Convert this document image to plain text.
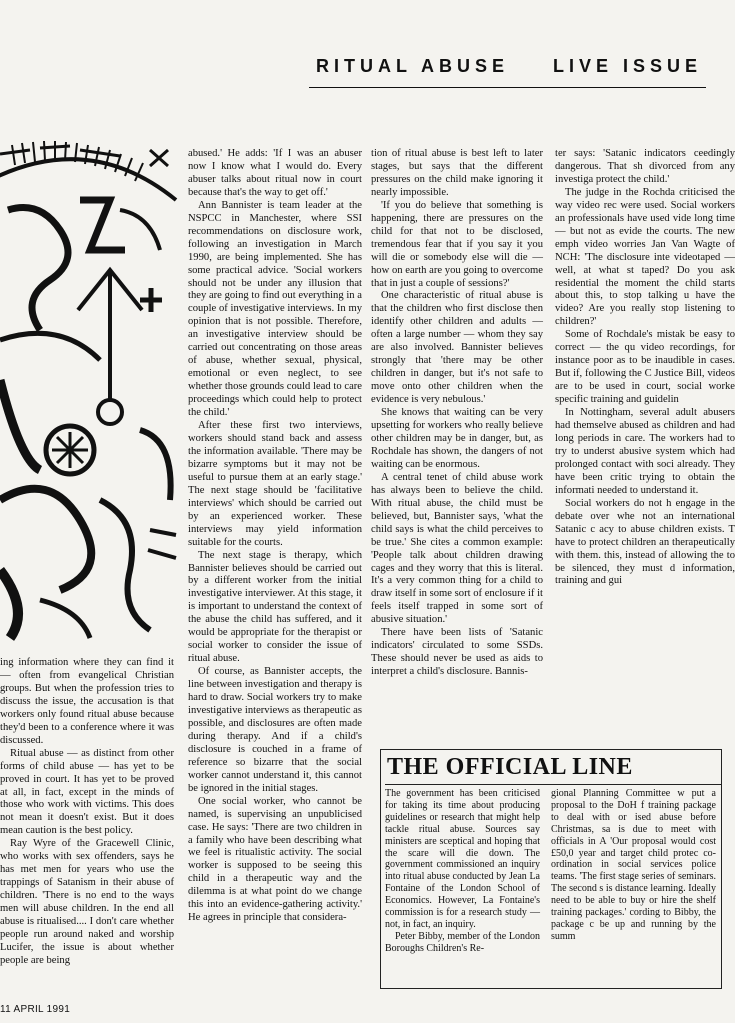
RITUAL ABUSE LIVE ISSUE

ing information where they can find it — often from evangelical Christian groups. But when the profession tries to discuss the issue, the accusation is that workers only found ritual abuse because they'd been to a conference where it was discussed.

Ritual abuse — as distinct from other forms of child abuse — has yet to be proved in court. It has yet to be proved at all, in fact, except in the minds of those who work with victims. This does not mean it doesn't exist. But it does mean caution is the best policy.

Ray Wyre of the Gracewell Clinic, who works with sex offenders, says he has met men for years who use the trappings of Satanism in their abuse of children. 'There is no end to the ways men will abuse children. In the end all abuse is ritualised.... I don't care whether people run around naked and worship Lucifer, the issue is about whether people are being

abused.' He adds: 'If I was an abuser now I know what I would do. Every abuser talks about ritual now in court because that's the way to get off.'

Ann Bannister is team leader at the NSPCC in Manchester, where SSI recommendations on disclosure work, following an investigation in March 1990, are being implemented. She has some practical advice. 'Social workers should not be under any illusion that they are going to find out everything in a couple of investigative interviews. In my opinion that is not possible. Therefore, an investigative interview should be carried out concentrating on those areas of abuse, whether sexual, physical, emotional or even neglect, to see whether those grounds could lead to care proceedings which could help to protect the child.'

After these first two interviews, workers should stand back and assess the information available. 'There may be bizarre symptoms but it may not be useful to pursue them at an early stage.' The next stage should be 'facilitative interviews' which should be carried out by an experienced worker. These interviews may yield information suitable for the courts.

The next stage is therapy, which Bannister believes should be carried out by a different worker from the initial investigative interviewer. At this stage, it is important to understand the context of the abuse the child has suffered, and it would be appropriate for the therapist or social worker to consider the issue of ritual abuse.

Of course, as Bannister accepts, the line between investigation and therapy is hard to draw. Social workers try to make investigative interviews as therapeutic as possible, and disclosures are often made during therapy. And if a child's disclosure is couched in a frame of reference so bizarre that the social worker cannot understand it, this cannot be ignored in the initial stages.

One social worker, who cannot be named, is supervising an unpublicised case. He says: 'There are two children in a family who have been describing what we feel is ritualistic activity. The social worker is supposed to be seeing this child in a therapeutic way and the dilemma is at what point do we change this into an evidence-gathering activity.' He agrees in principle that considera-

tion of ritual abuse is best left to later stages, but says that the different pressures on the child make ignoring it nearly impossible.

'If you do believe that something is happening, there are pressures on the child for that not to be disclosed, tremendous fear that if you say it you will die or somebody else will die —how on earth are you going to overcome that in just a couple of sessions?'

One characteristic of ritual abuse is that the children who first disclose then identify other children and adults — often a large number — whom they say are also involved. Bannister believes strongly that 'there may be other children in danger, but it's not safe to move onto other children when the evidence is very nebulous.'

She knows that waiting can be very upsetting for workers who really believe other children may be in danger, but, as Rochdale has shown, the dangers of not waiting can be enormous.

A central tenet of child abuse work has always been to believe the child. With ritual abuse, the child must be believed, but, Bannister says, 'what the child says is what the child perceives to be true.' She cites a common example: 'People talk about children drawing cages and they worry that this is literal. It's a very common thing for a child to draw itself in some sort of enclosure if it feels itself trapped in some sort of abusive situation.'

There have been lists of 'Satanic indicators' circulated to some SSDs. These should never be used as aids to interpret a child's disclosure. Bannis-

ter says: 'Satanic indicators ceedingly dangerous. That sh divorced from any investiga protect the child.'

The judge in the Rochda criticised the way video rec were used. Social workers an professionals have used vide long time — but not as evide the courts. The new emph video worries Jan Van Wagte of NCH: 'The disclosure inte videotaped —well, at what st taped? Do you ask residential the moment the child starts about this, to stop talking u have the video? Are you really stop listening to children?'

Some of Rochdale's mistak be easy to correct — the qu video recordings, for instance poor as to be inaudible in cases. But if, following the C Justice Bill, videos are to be used in court, social worke specific training and guidelin

In Nottingham, several adult abusers had themselve abused as children and had long periods in care. The workers had to try to underst abusive system which had prolonged contact with soci already. They have been critic trying to obtain the informati needed to understand it.

Social workers do not h engage in the debate over whe not an international Satanic c acy to abuse children exists. T have to protect children an therapeutically with them. this, instead of allowing the to be silenced, they must d information, training and gui

THE OFFICIAL LINE

The government has been criticised for taking its time about producing guidelines or research that might help tackle ritual abuse. Sources say ministers are sceptical and hoping that the scare will die down. The government commissioned an inquiry into ritual abuse conducted by Jean La Fontaine of the London School of Economics. However, La Fontaine's commission is for a research study — not, in fact, an inquiry.

Peter Bibby, member of the London Boroughs Children's Re-

gional Planning Committee w put a proposal to the DoH f training package to deal with or ised abuse before Christmas, sa is due to meet with officials in A 'Our proposal would cost £50,0 year and target child protec co-ordination in social services police teams. 'The first stage series of seminars. The second s is distance learning. Ideally need to be able to buy or hire the shelf training packages.' cording to Bibby, the package c be up and running by the summ

11 APRIL 1991
